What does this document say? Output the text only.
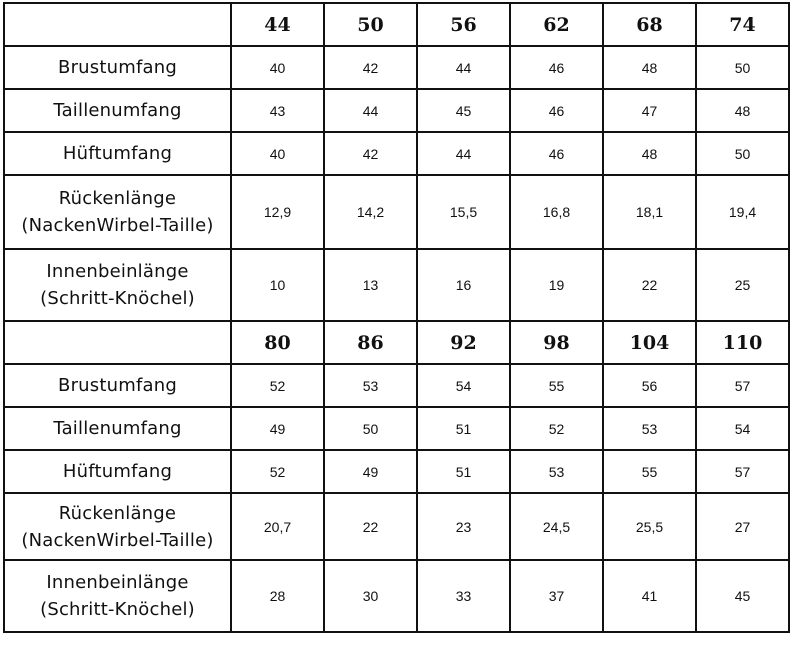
	44	50	56	62	68	74
Brustumfang	40	42	44	46	48	50
Taillenumfang	43	44	45	46	47	48
Hüftumfang	40	42	44	46	48	50
Rückenlänge
(NackenWirbel-Taille)	12,9	14,2	15,5	16,8	18,1	19,4
Innenbeinlänge
(Schritt-Knöchel)	10	13	16	19	22	25
	80	86	92	98	104	110
Brustumfang	52	53	54	55	56	57
Taillenumfang	49	50	51	52	53	54
Hüftumfang	52	49	51	53	55	57
Rückenlänge
(NackenWirbel-Taille)	20,7	22	23	24,5	25,5	27
Innenbeinlänge
(Schritt-Knöchel)	28	30	33	37	41	45
